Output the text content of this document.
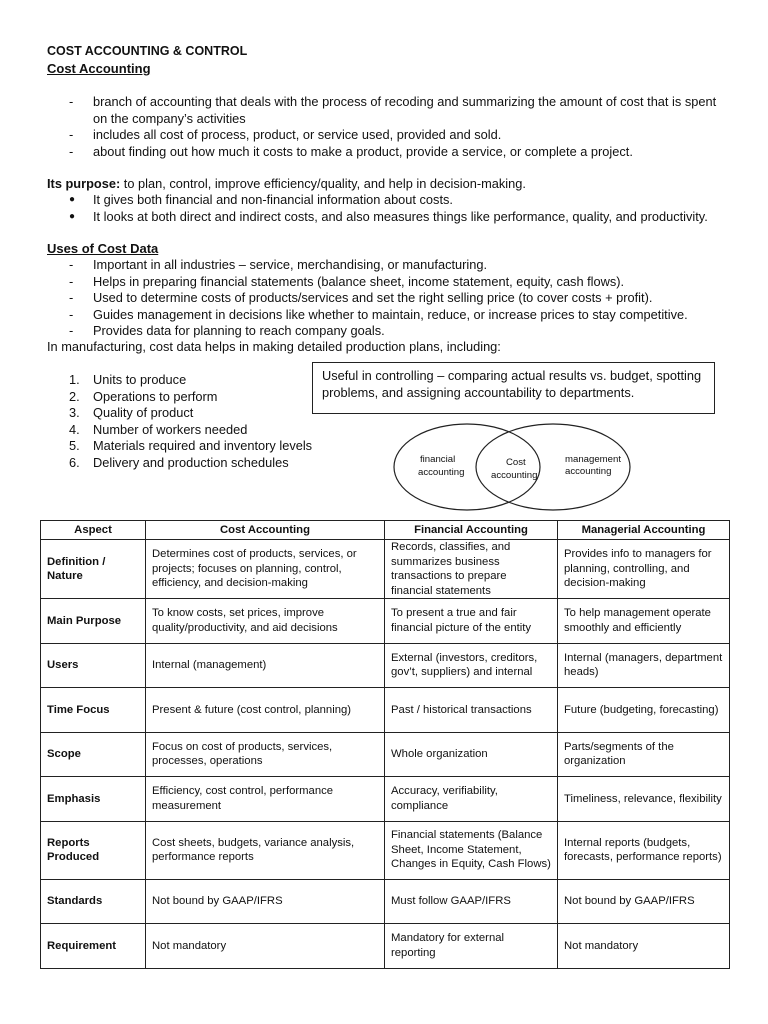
COST ACCOUNTING & CONTROL
Cost Accounting
- branch of accounting that deals with the process of recoding and summarizing the amount of cost that is spent on the company’s activities
- includes all cost of process, product, or service used, provided and sold.
- about finding out how much it costs to make a product, provide a service, or complete a project.
Its purpose: to plan, control, improve efficiency/quality, and help in decision-making.
● It gives both financial and non-financial information about costs.
● It looks at both direct and indirect costs, and also measures things like performance, quality, and productivity.
Uses of Cost Data
- Important in all industries – service, merchandising, or manufacturing.
- Helps in preparing financial statements (balance sheet, income statement, equity, cash flows).
- Used to determine costs of products/services and set the right selling price (to cover costs + profit).
- Guides management in decisions like whether to maintain, reduce, or increase prices to stay competitive.
- Provides data for planning to reach company goals.
In manufacturing, cost data helps in making detailed production plans, including:
1. Units to produce
2. Operations to perform
3. Quality of product
4. Number of workers needed
5. Materials required and inventory levels
6. Delivery and production schedules
Useful in controlling – comparing actual results vs. budget, spotting problems, and assigning accountability to departments.
financial
accounting
Cost
accounting
management
accounting
Aspect	Cost Accounting	Financial Accounting	Managerial Accounting
Definition / Nature	Determines cost of products, services, or projects; focuses on planning, control, efficiency, and decision-making	Records, classifies, and summarizes business transactions to prepare financial statements	Provides info to managers for planning, controlling, and decision-making
Main Purpose	To know costs, set prices, improve quality/productivity, and aid decisions	To present a true and fair financial picture of the entity	To help management operate smoothly and efficiently
Users	Internal (management)	External (investors, creditors, gov’t, suppliers) and internal	Internal (managers, department heads)
Time Focus	Present & future (cost control, planning)	Past / historical transactions	Future (budgeting, forecasting)
Scope	Focus on cost of products, services, processes, operations	Whole organization	Parts/segments of the organization
Emphasis	Efficiency, cost control, performance measurement	Accuracy, verifiability, compliance	Timeliness, relevance, flexibility
Reports Produced	Cost sheets, budgets, variance analysis, performance reports	Financial statements (Balance Sheet, Income Statement, Changes in Equity, Cash Flows)	Internal reports (budgets, forecasts, performance reports)
Standards	Not bound by GAAP/IFRS	Must follow GAAP/IFRS	Not bound by GAAP/IFRS
Requirement	Not mandatory	Mandatory for external reporting	Not mandatory
